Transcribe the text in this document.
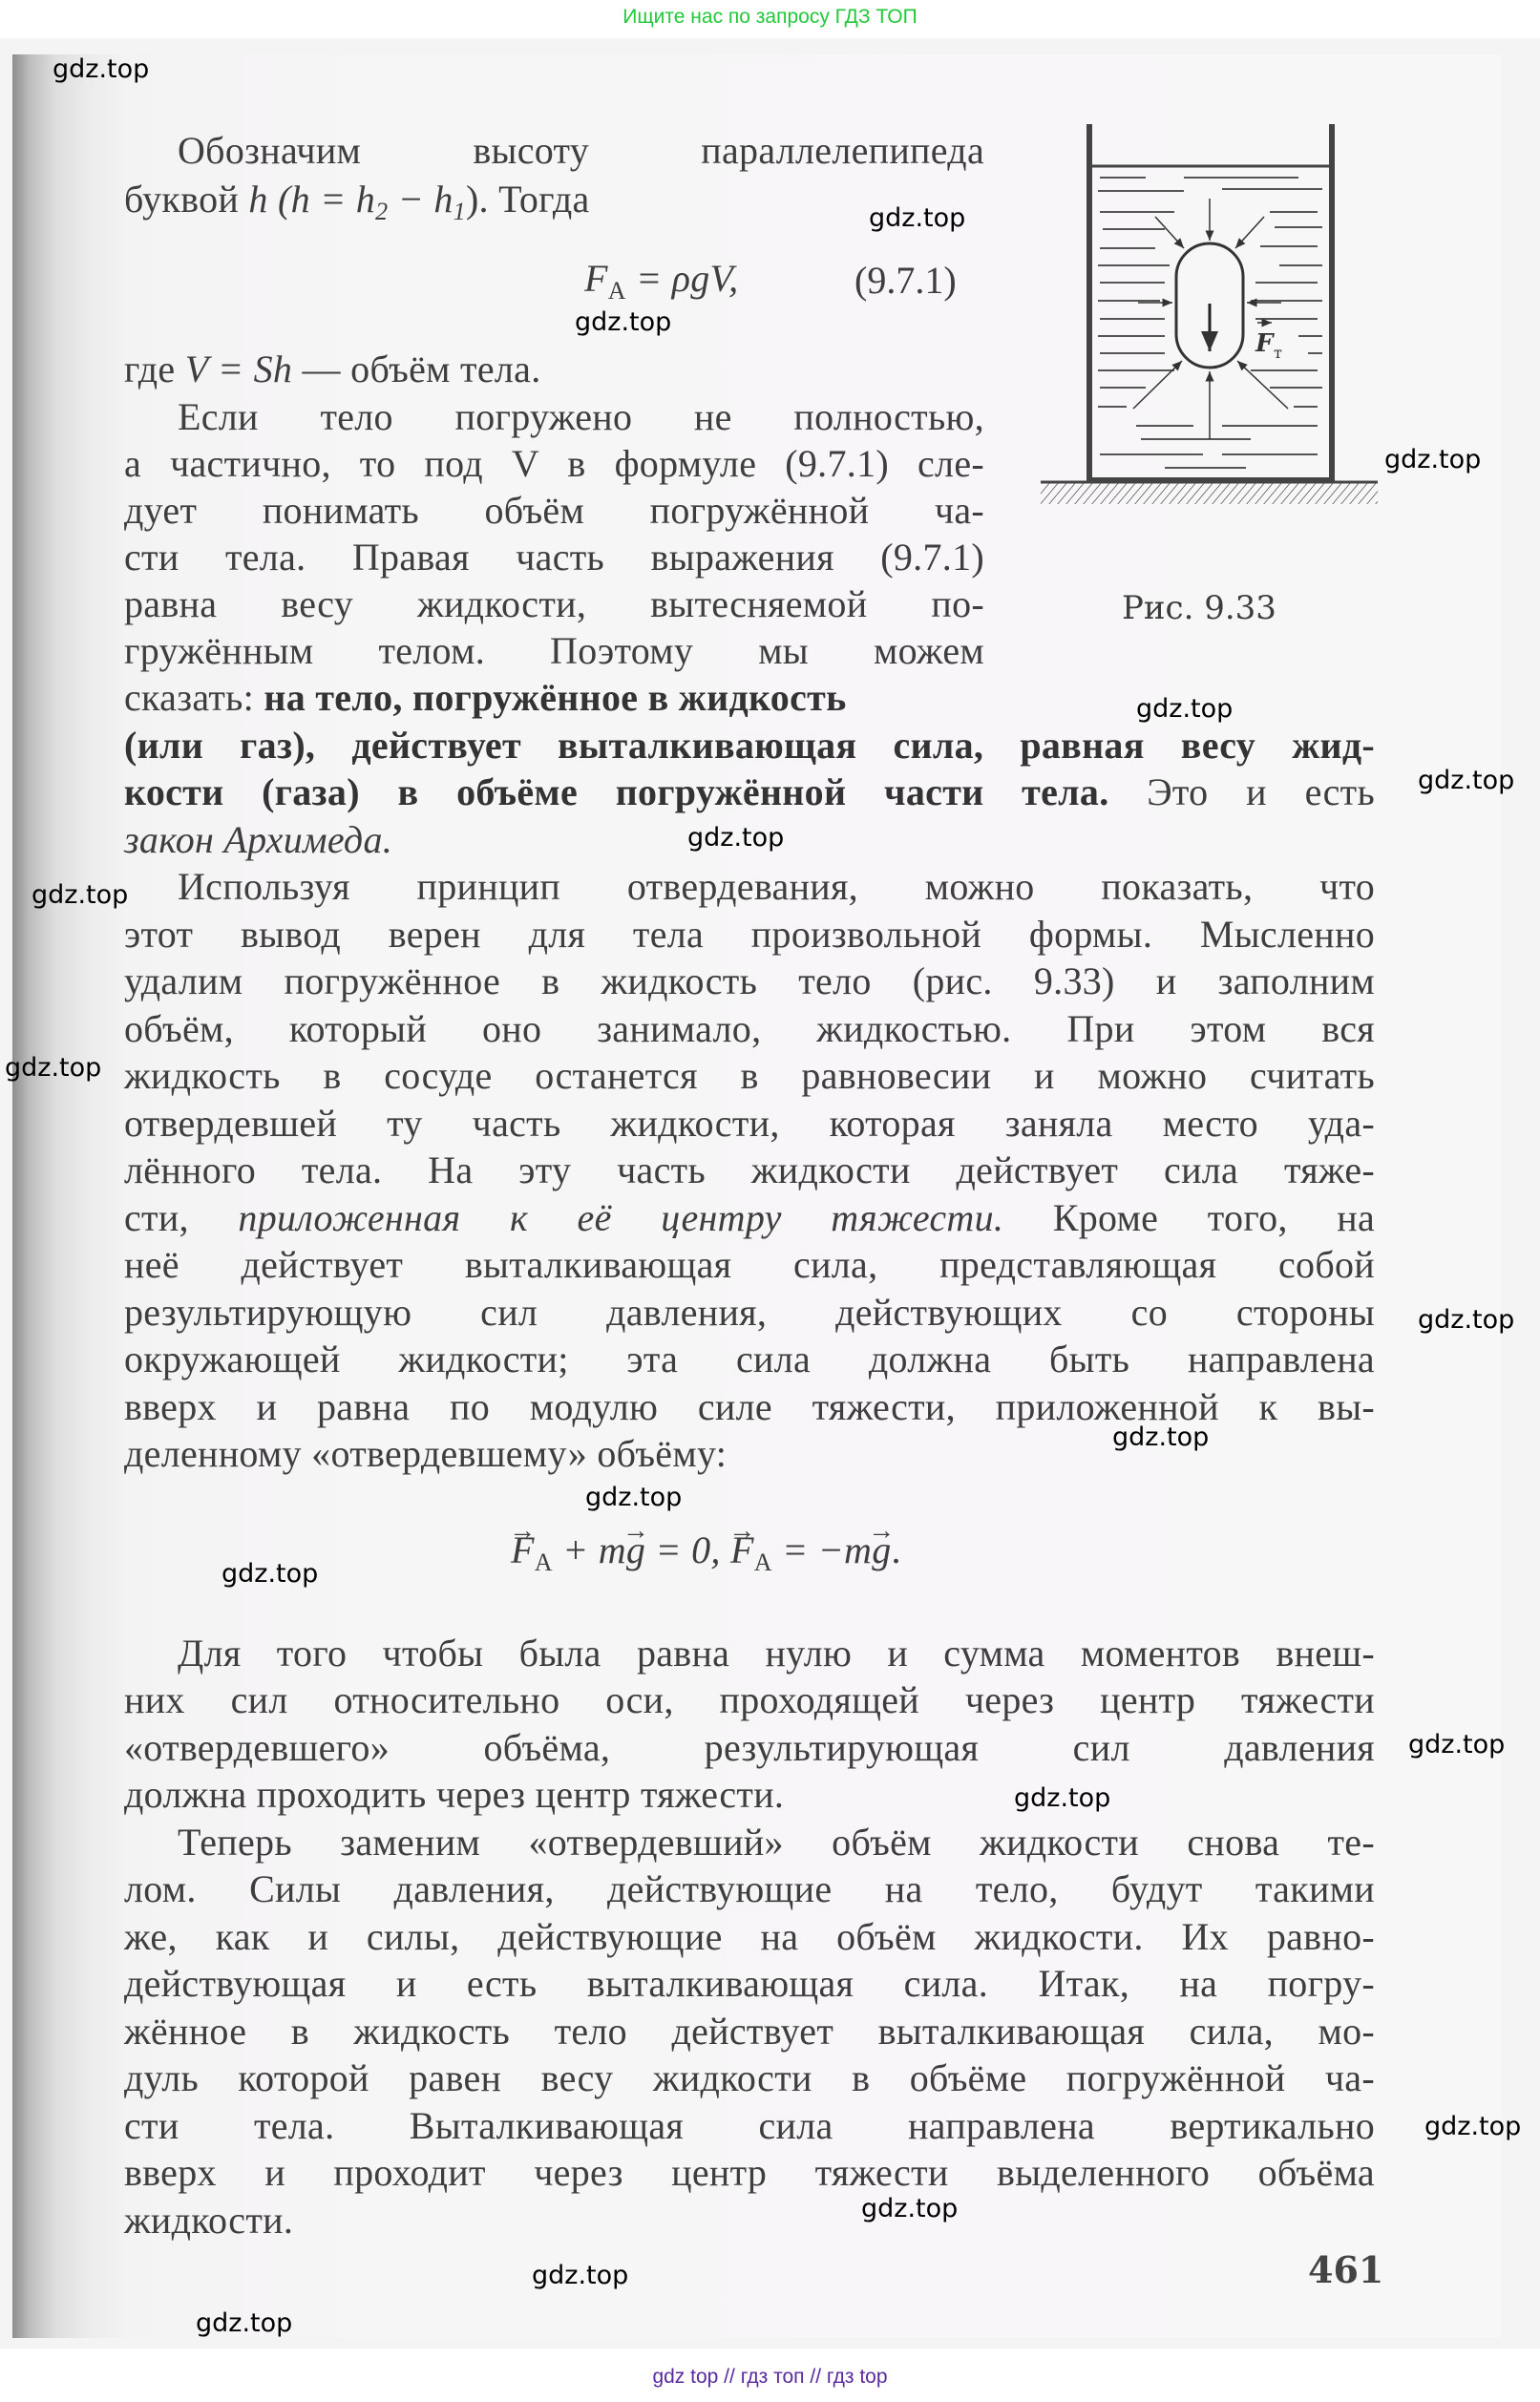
Ищите нас по запросу ГДЗ ТОП
Обозначим высоту параллелепипеда
буквой h $(h = h_2 - h_1)$. Тогда
$F_A = \rho gV$,	(9.7.1)
где V = Sh — объём тела.
Если тело погружено не полностью,
а частично, то под V в формуле (9.7.1) сле-
дует понимать объём погружённой ча-
сти тела. Правая часть выражения (9.7.1)
равна весу жидкости, вытесняемой по-
гружённым телом. Поэтому мы можем
сказать: на тело, погружённое в жидкость
(или газ), действует выталкивающая сила, равная весу жид-
кости (газа) в объёме погружённой части тела. Это и есть
закон Архимеда.
Используя принцип отвердевания, можно показать, что
этот вывод верен для тела произвольной формы. Мысленно
удалим погружённое в жидкость тело (рис. 9.33) и заполним
объём, который оно занимало, жидкостью. При этом вся
жидкость в сосуде останется в равновесии и можно считать
отвердевшей ту часть жидкости, которая заняла место уда-
лённого тела. На эту часть жидкости действует сила тяже-
сти, приложенная к её центру тяжести. Кроме того, на
неё действует выталкивающая сила, представляющая собой
результирующую сил давления, действующих со стороны
окружающей жидкости; эта сила должна быть направлена
вверх и равна по модулю силе тяжести, приложенной к вы-
деленному «отвердевшему» объёму:
→ $F_A + m\to g = 0$, → $F_A = -m\to g$.
Для того чтобы была равна нулю и сумма моментов внеш-
них сил относительно оси, проходящей через центр тяжести
«отвердевшего» объёма, результирующая сил давления
должна проходить через центр тяжести.
Теперь заменим «отвердевший» объём жидкости снова те-
лом. Силы давления, действующие на тело, будут такими
же, как и силы, действующие на объём жидкости. Их равно-
действующая и есть выталкивающая сила. Итак, на погру-
жённое в жидкость тело действует выталкивающая сила, мо-
дуль которой равен весу жидкости в объёме погружённой ча-
сти тела. Выталкивающая сила направлена вертикально
вверх и проходит через центр тяжести выделенного объёма
жидкости.
F т
Рис. 9.33
461
gdz.top
gdz.top
gdz.top
gdz.top
gdz.top
gdz.top
gdz.top
gdz.top
gdz.top
gdz.top
gdz.top
gdz.top
gdz.top
gdz.top
gdz.top
gdz.top
gdz.top
gdz.top
gdz.top
gdz top // гдз топ // гдз top
